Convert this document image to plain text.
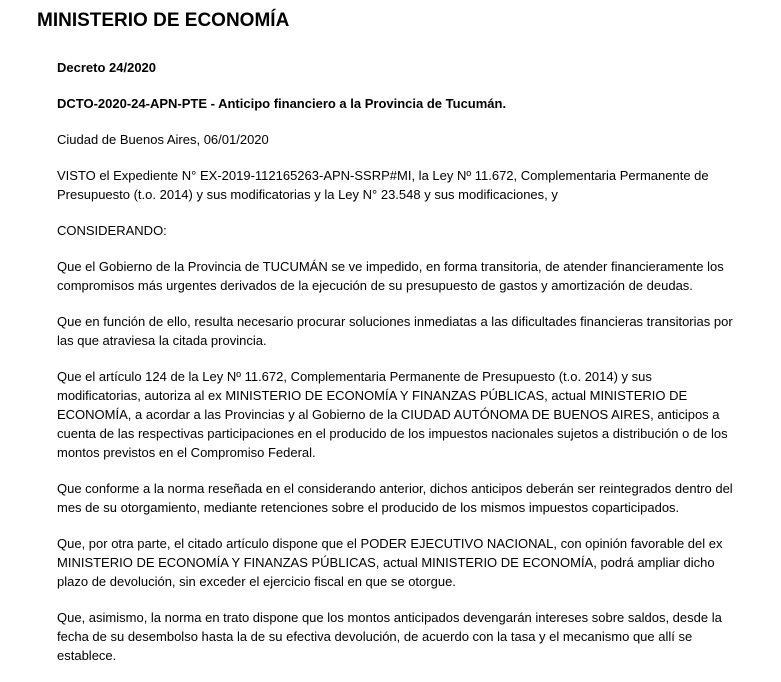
MINISTERIO DE ECONOMÍA

Decreto 24/2020

DCTO-2020-24-APN-PTE - Anticipo financiero a la Provincia de Tucumán.

Ciudad de Buenos Aires, 06/01/2020

VISTO el Expediente N° EX-2019-112165263-APN-SSRP#MI, la Ley Nº 11.672, Complementaria Permanente de Presupuesto (t.o. 2014) y sus modificatorias y la Ley N° 23.548 y sus modificaciones, y

CONSIDERANDO:

Que el Gobierno de la Provincia de TUCUMÁN se ve impedido, en forma transitoria, de atender financieramente los compromisos más urgentes derivados de la ejecución de su presupuesto de gastos y amortización de deudas.

Que en función de ello, resulta necesario procurar soluciones inmediatas a las dificultades financieras transitorias por las que atraviesa la citada provincia.

Que el artículo 124 de la Ley Nº 11.672, Complementaria Permanente de Presupuesto (t.o. 2014) y sus modificatorias, autoriza al ex MINISTERIO DE ECONOMÍA Y FINANZAS PÚBLICAS, actual MINISTERIO DE ECONOMÍA, a acordar a las Provincias y al Gobierno de la CIUDAD AUTÓNOMA DE BUENOS AIRES, anticipos a cuenta de las respectivas participaciones en el producido de los impuestos nacionales sujetos a distribución o de los montos previstos en el Compromiso Federal.

Que conforme a la norma reseñada en el considerando anterior, dichos anticipos deberán ser reintegrados dentro del mes de su otorgamiento, mediante retenciones sobre el producido de los mismos impuestos coparticipados.

Que, por otra parte, el citado artículo dispone que el PODER EJECUTIVO NACIONAL, con opinión favorable del ex MINISTERIO DE ECONOMÍA Y FINANZAS PÚBLICAS, actual MINISTERIO DE ECONOMÍA, podrá ampliar dicho plazo de devolución, sin exceder el ejercicio fiscal en que se otorgue.

Que, asimismo, la norma en trato dispone que los montos anticipados devengarán intereses sobre saldos, desde la fecha de su desembolso hasta la de su efectiva devolución, de acuerdo con la tasa y el mecanismo que allí se establece.
